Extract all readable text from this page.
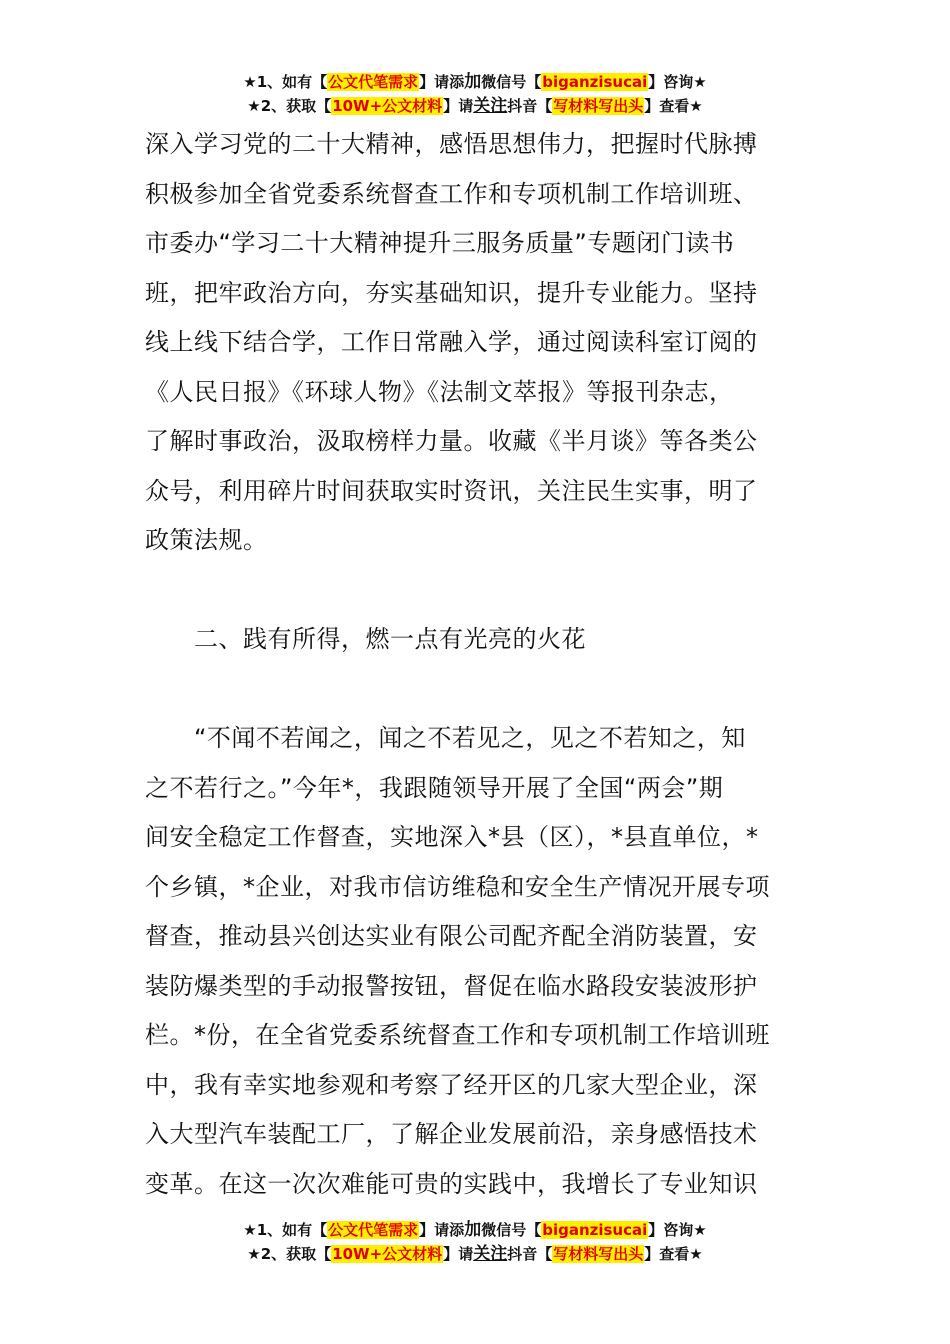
★1、如有【公文代笔需求】请添加微信号【biganzisucai】咨询★
★2、获取【10W+公文材料】请关注抖音【写材料写出头】查看★

深入学习党的二十大精神，感悟思想伟力，把握时代脉搏
积极参加全省党委系统督查工作和专项机制工作培训班、
市委办“学习二十大精神提升三服务质量”专题闭门读书
班，把牢政治方向，夯实基础知识，提升专业能力。坚持
线上线下结合学，工作日常融入学，通过阅读科室订阅的
《人民日报》《环球人物》《法制文萃报》等报刊杂志，
了解时事政治，汲取榜样力量。收藏《半月谈》等各类公
众号，利用碎片时间获取实时资讯，关注民生实事，明了
政策法规。

二、践有所得，燃一点有光亮的火花

“不闻不若闻之，闻之不若见之，见之不若知之，知
之不若行之。”今年*，我跟随领导开展了全国“两会”期
间安全稳定工作督查，实地深入*县（区），*县直单位，*
个乡镇，*企业，对我市信访维稳和安全生产情况开展专项
督查，推动县兴创达实业有限公司配齐配全消防装置，安
装防爆类型的手动报警按钮，督促在临水路段安装波形护
栏。*份，在全省党委系统督查工作和专项机制工作培训班
中，我有幸实地参观和考察了经开区的几家大型企业，深
入大型汽车装配工厂，了解企业发展前沿，亲身感悟技术
变革。在这一次次难能可贵的实践中，我增长了专业知识

★1、如有【公文代笔需求】请添加微信号【biganzisucai】咨询★
★2、获取【10W+公文材料】请关注抖音【写材料写出头】查看★
